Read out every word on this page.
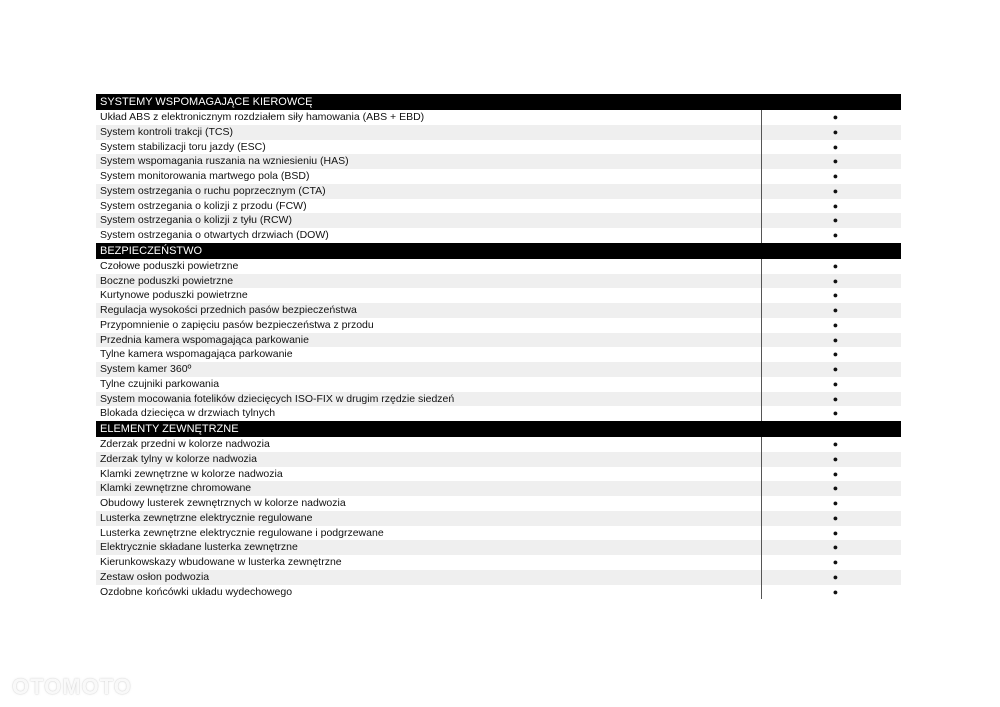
SYSTEMY WSPOMAGAJĄCE KIEROWCĘ
Układ ABS z elektronicznym rozdziałem siły hamowania (ABS + EBD)	●
System kontroli trakcji (TCS)	●
System stabilizacji toru jazdy (ESC)	●
System wspomagania ruszania na wzniesieniu (HAS)	●
System monitorowania martwego pola (BSD)	●
System ostrzegania o ruchu poprzecznym (CTA)	●
System ostrzegania o kolizji z przodu (FCW)	●
System ostrzegania o kolizji z tyłu (RCW)	●
System ostrzegania o otwartych drzwiach (DOW)	●
BEZPIECZEŃSTWO
Czołowe poduszki powietrzne	●
Boczne poduszki powietrzne	●
Kurtynowe poduszki powietrzne	●
Regulacja wysokości przednich pasów bezpieczeństwa	●
Przypomnienie o zapięciu pasów bezpieczeństwa z przodu	●
Przednia kamera wspomagająca parkowanie	●
Tylne kamera wspomagająca parkowanie	●
System kamer 360º	●
Tylne czujniki parkowania	●
System mocowania fotelików dziecięcych ISO-FIX w drugim rzędzie siedzeń	●
Blokada dziecięca w drzwiach tylnych	●
ELEMENTY ZEWNĘTRZNE
Zderzak przedni w kolorze nadwozia	●
Zderzak tylny w kolorze nadwozia	●
Klamki zewnętrzne w kolorze nadwozia	●
Klamki zewnętrzne chromowane	●
Obudowy lusterek zewnętrznych w kolorze nadwozia	●
Lusterka zewnętrzne elektrycznie regulowane	●
Lusterka zewnętrzne elektrycznie regulowane i podgrzewane	●
Elektrycznie składane lusterka zewnętrzne	●
Kierunkowskazy wbudowane w lusterka zewnętrzne	●
Zestaw osłon podwozia	●
Ozdobne końcówki układu wydechowego	●
OTOMOTO
